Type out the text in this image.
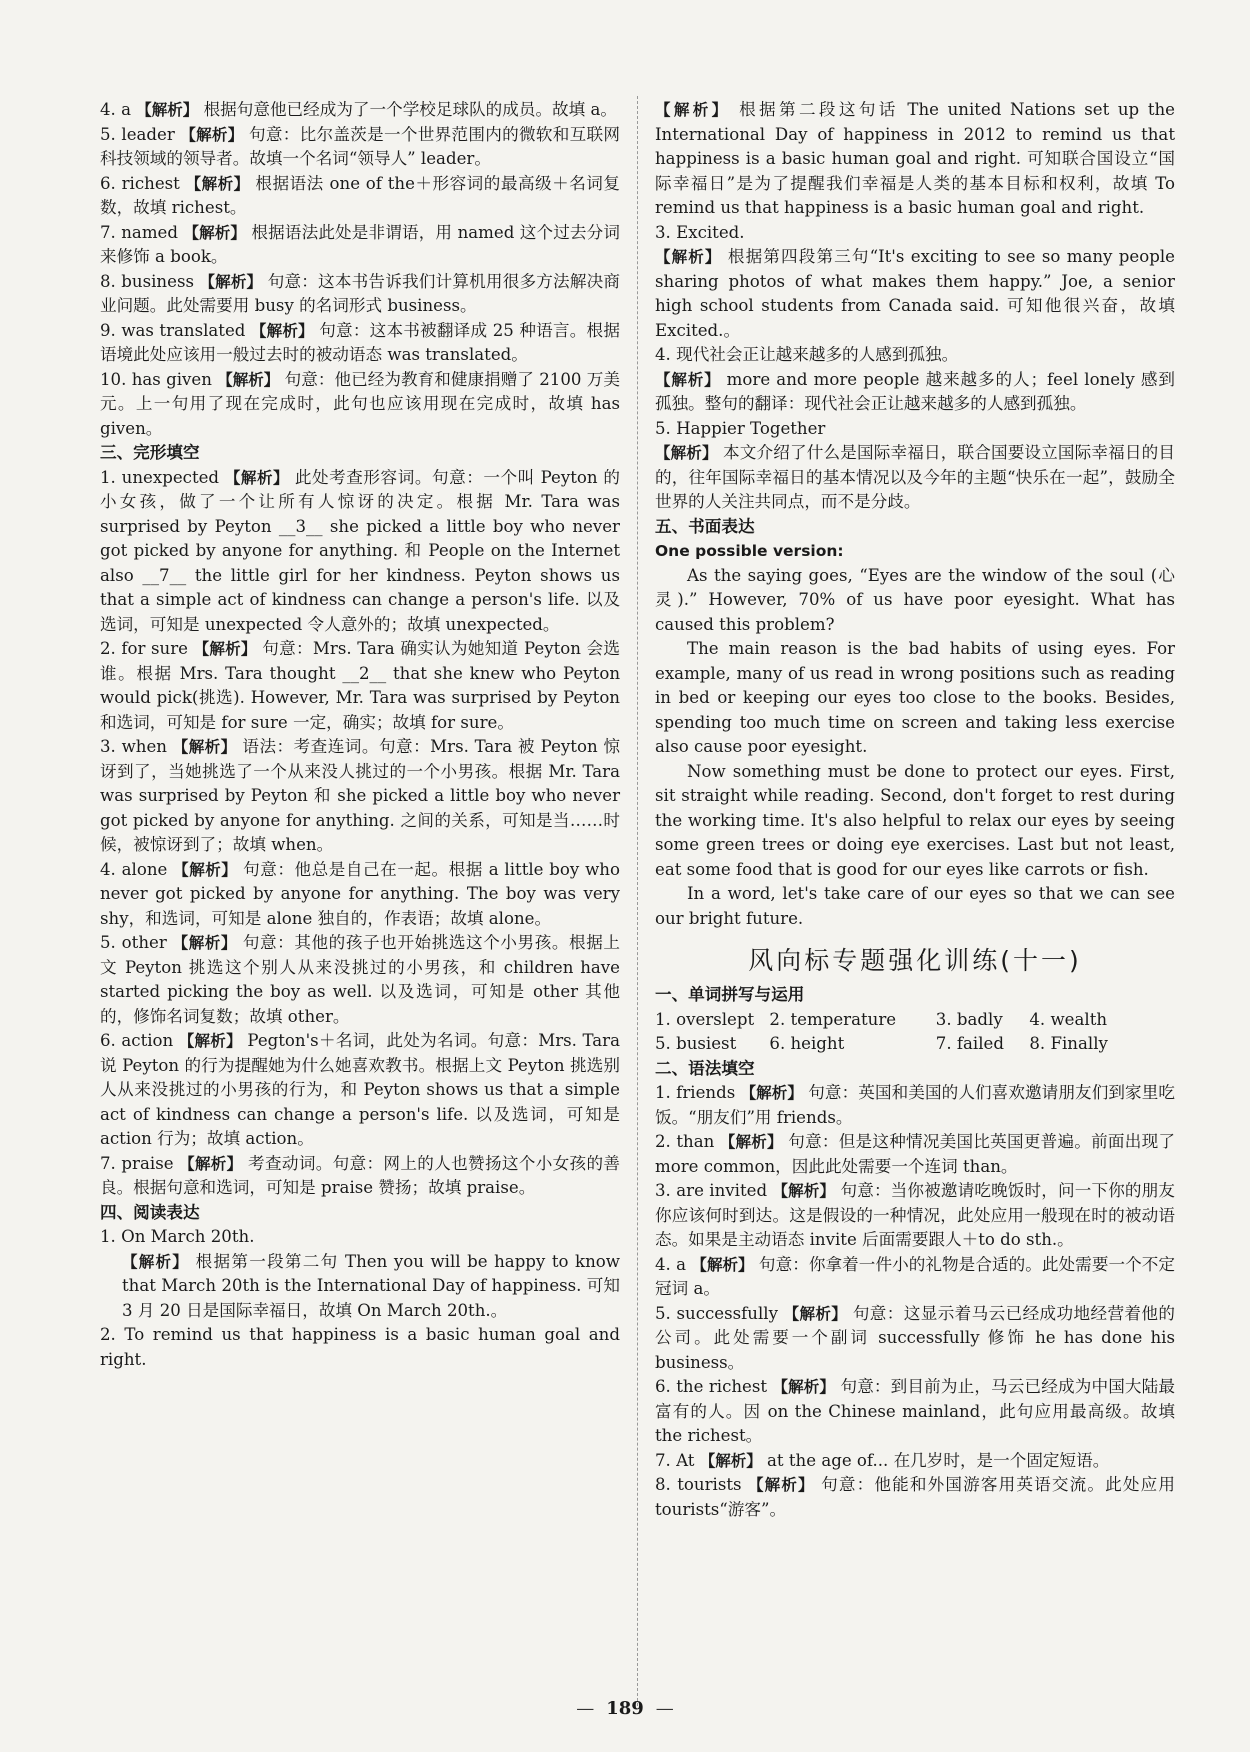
4. a 【解析】 根据句意他已经成为了一个学校足球队的成员。故填 a。

5. leader 【解析】 句意：比尔盖茨是一个世界范围内的微软和互联网科技领域的领导者。故填一个名词“领导人” leader。

6. richest 【解析】 根据语法 one of the＋形容词的最高级＋名词复数，故填 richest。

7. named 【解析】 根据语法此处是非谓语，用 named 这个过去分词来修饰 a book。

8. business 【解析】 句意：这本书告诉我们计算机用很多方法解决商业问题。此处需要用 busy 的名词形式 business。

9. was translated 【解析】 句意：这本书被翻译成 25 种语言。根据语境此处应该用一般过去时的被动语态 was translated。

10. has given 【解析】 句意：他已经为教育和健康捐赠了 2100 万美元。上一句用了现在完成时，此句也应该用现在完成时，故填 has given。

三、完形填空

1. unexpected 【解析】 此处考查形容词。句意：一个叫 Peyton 的小女孩，做了一个让所有人惊讶的决定。根据 Mr. Tara was surprised by Peyton __3__ she picked a little boy who never got picked by anyone for anything. 和 People on the Internet also __7__ the little girl for her kindness. Peyton shows us that a simple act of kindness can change a person's life. 以及选词，可知是 unexpected 令人意外的；故填 unexpected。

2. for sure 【解析】 句意：Mrs. Tara 确实认为她知道 Peyton 会选谁。根据 Mrs. Tara thought __2__ that she knew who Peyton would pick(挑选). However, Mr. Tara was surprised by Peyton 和选词，可知是 for sure 一定，确实；故填 for sure。

3. when 【解析】 语法：考查连词。句意：Mrs. Tara 被 Peyton 惊讶到了，当她挑选了一个从来没人挑过的一个小男孩。根据 Mr. Tara was surprised by Peyton 和 she picked a little boy who never got picked by anyone for anything. 之间的关系，可知是当……时候，被惊讶到了；故填 when。

4. alone 【解析】 句意：他总是自己在一起。根据 a little boy who never got picked by anyone for anything. The boy was very shy，和选词，可知是 alone 独自的，作表语；故填 alone。

5. other 【解析】 句意：其他的孩子也开始挑选这个小男孩。根据上文 Peyton 挑选这个别人从来没挑过的小男孩，和 children have started picking the boy as well. 以及选词，可知是 other 其他的，修饰名词复数；故填 other。

6. action 【解析】 Pegton's＋名词，此处为名词。句意：Mrs. Tara 说 Peyton 的行为提醒她为什么她喜欢教书。根据上文 Peyton 挑选别人从来没挑过的小男孩的行为，和 Peyton shows us that a simple act of kindness can change a person's life. 以及选词，可知是 action 行为；故填 action。

7. praise 【解析】 考查动词。句意：网上的人也赞扬这个小女孩的善良。根据句意和选词，可知是 praise 赞扬；故填 praise。

四、阅读表达

1. On March 20th.

【解析】 根据第一段第二句 Then you will be happy to know that March 20th is the International Day of happiness. 可知 3 月 20 日是国际幸福日，故填 On March 20th.。

2. To remind us that happiness is a basic human goal and right.

【解析】 根据第二段这句话 The united Nations set up the International Day of happiness in 2012 to remind us that happiness is a basic human goal and right. 可知联合国设立“国际幸福日”是为了提醒我们幸福是人类的基本目标和权利，故填 To remind us that happiness is a basic human goal and right.

3. Excited.

【解析】 根据第四段第三句“It's exciting to see so many people sharing photos of what makes them happy.” Joe, a senior high school students from Canada said. 可知他很兴奋，故填 Excited.。

4. 现代社会正让越来越多的人感到孤独。

【解析】 more and more people 越来越多的人；feel lonely 感到孤独。整句的翻译：现代社会正让越来越多的人感到孤独。

5. Happier Together

【解析】 本文介绍了什么是国际幸福日，联合国要设立国际幸福日的目的，往年国际幸福日的基本情况以及今年的主题“快乐在一起”，鼓励全世界的人关注共同点，而不是分歧。

五、书面表达

One possible version:

As the saying goes, “Eyes are the window of the soul (心灵).” However, 70% of us have poor eyesight. What has caused this problem?

The main reason is the bad habits of using eyes. For example, many of us read in wrong positions such as reading in bed or keeping our eyes too close to the books. Besides, spending too much time on screen and taking less exercise also cause poor eyesight.

Now something must be done to protect our eyes. First, sit straight while reading. Second, don't forget to rest during the working time. It's also helpful to relax our eyes by seeing some green trees or doing eye exercises. Last but not least, eat some food that is good for our eyes like carrots or fish.

In a word, let's take care of our eyes so that we can see our bright future.

风向标专题强化训练(十一)

一、单词拼写与运用

1. overslept 2. temperature	3. badly	4. wealth
5. busiest	6. height	7. failed	8. Finally

二、语法填空

1. friends 【解析】 句意：英国和美国的人们喜欢邀请朋友们到家里吃饭。“朋友们”用 friends。

2. than 【解析】 句意：但是这种情况美国比英国更普遍。前面出现了 more common，因此此处需要一个连词 than。

3. are invited 【解析】 句意：当你被邀请吃晚饭时，问一下你的朋友你应该何时到达。这是假设的一种情况，此处应用一般现在时的被动语态。如果是主动语态 invite 后面需要跟人＋to do sth.。

4. a 【解析】 句意：你拿着一件小的礼物是合适的。此处需要一个不定冠词 a。

5. successfully 【解析】 句意：这显示着马云已经成功地经营着他的公司。此处需要一个副词 successfully 修饰 he has done his business。

6. the richest 【解析】 句意：到目前为止，马云已经成为中国大陆最富有的人。因 on the Chinese mainland，此句应用最高级。故填 the richest。

7. At 【解析】 at the age of... 在几岁时，是一个固定短语。

8. tourists 【解析】 句意：他能和外国游客用英语交流。此处应用 tourists“游客”。

— 189 —
